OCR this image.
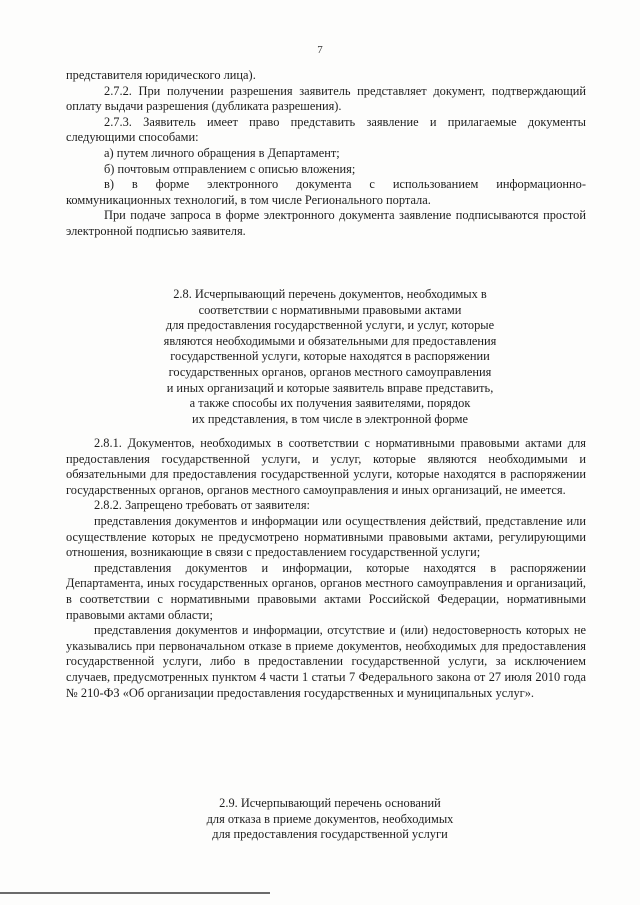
7

представителя юридического лица).

2.7.2. При получении разрешения заявитель представляет документ, подтверждающий оплату выдачи разрешения (дубликата разрешения).

2.7.3. Заявитель имеет право представить заявление и прилагаемые документы следующими способами:

а) путем личного обращения в Департамент;

б) почтовым отправлением с описью вложения;

в) в форме электронного документа с использованием информационно-коммуникационных технологий, в том числе Регионального портала.

При подаче запроса в форме электронного документа заявление подписываются простой электронной подписью заявителя.

2.8. Исчерпывающий перечень документов, необходимых в
соответствии с нормативными правовыми актами
для предоставления государственной услуги, и услуг, которые
являются необходимыми и обязательными для предоставления
государственной услуги, которые находятся в распоряжении
государственных органов, органов местного самоуправления
и иных организаций и которые заявитель вправе представить,
а также способы их получения заявителями, порядок
их представления, в том числе в электронной форме

2.8.1. Документов, необходимых в соответствии с нормативными правовыми актами для предоставления государственной услуги, и услуг, которые являются необходимыми и обязательными для предоставления государственной услуги, которые находятся в распоряжении государственных органов, органов местного самоуправления и иных организаций, не имеется.

2.8.2. Запрещено требовать от заявителя:

представления документов и информации или осуществления действий, представление или осуществление которых не предусмотрено нормативными правовыми актами, регулирующими отношения, возникающие в связи с предоставлением государственной услуги;

представления документов и информации, которые находятся в распоряжении Департамента, иных государственных органов, органов местного самоуправления и организаций, в соответствии с нормативными правовыми актами Российской Федерации, нормативными правовыми актами области;

представления документов и информации, отсутствие и (или) недостоверность которых не указывались при первоначальном отказе в приеме документов, необходимых для предоставления государственной услуги, либо в предоставлении государственной услуги, за исключением случаев, предусмотренных пунктом 4 части 1 статьи 7 Федерального закона от 27 июля 2010 года № 210-ФЗ «Об организации предоставления государственных и муниципальных услуг».

2.9. Исчерпывающий перечень оснований
для отказа в приеме документов, необходимых
для предоставления государственной услуги
